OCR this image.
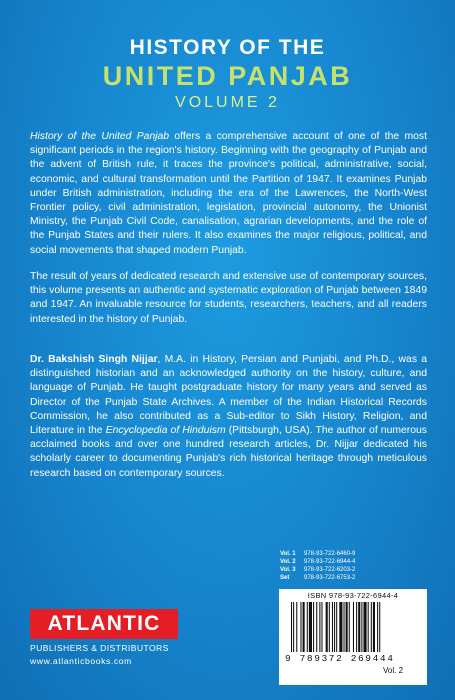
HISTORY OF THE
UNITED PANJAB
VOLUME 2

History of the United Panjab offers a comprehensive account of one of the most significant periods in the region's history. Beginning with the geography of Punjab and the advent of British rule, it traces the province's political, administrative, social, economic, and cultural transformation until the Partition of 1947. It examines Punjab under British administration, including the era of the Lawrences, the North-West Frontier policy, civil administration, legislation, provincial autonomy, the Unionist Ministry, the Punjab Civil Code, canalisation, agrarian developments, and the role of the Punjab States and their rulers. It also examines the major religious, political, and social movements that shaped modern Punjab.

The result of years of dedicated research and extensive use of contemporary sources, this volume presents an authentic and systematic exploration of Punjab between 1849 and 1947. An invaluable resource for students, researchers, teachers, and all readers interested in the history of Punjab.

Dr. Bakshish Singh Nijjar, M.A. in History, Persian and Punjabi, and Ph.D., was a distinguished historian and an acknowledged authority on the history, culture, and language of Punjab. He taught postgraduate history for many years and served as Director of the Punjab State Archives. A member of the Indian Historical Records Commission, he also contributed as a Sub-editor to Sikh History, Religion, and Literature in the Encyclopedia of Hinduism (Pittsburgh, USA). The author of numerous acclaimed books and over one hundred research articles, Dr. Nijjar dedicated his scholarly career to documenting Punjab's rich historical heritage through meticulous research based on contemporary sources.

Vol. 1	978-93-722-6460-9
Vol. 2	978-93-722-6944-4
Vol. 3	978-93-722-6203-2
Set	978-93-722-6753-2
ISBN 978-93-722-6944-4
9 789372 269444
Vol. 2
ATLANTIC
PUBLISHERS & DISTRIBUTORS
www.atlanticbooks.com
